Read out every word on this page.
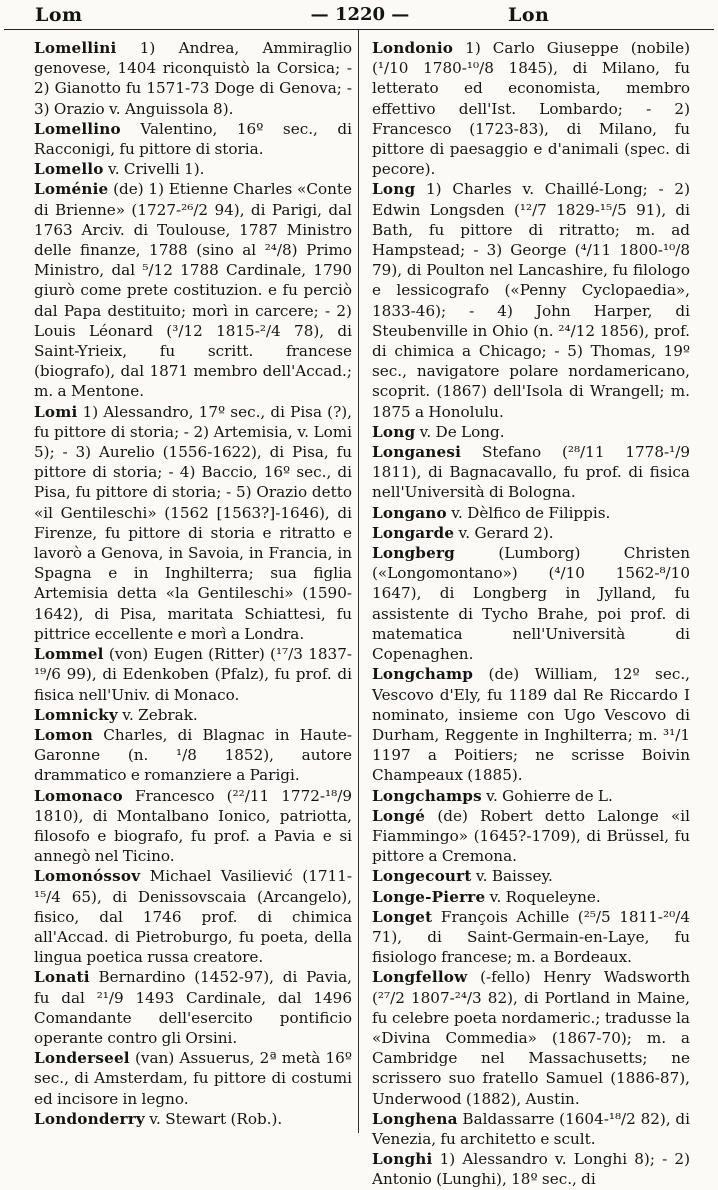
Lom	— 1220 —	Lon

Lomellini 1) Andrea, Ammiraglio genovese, 1404 riconquistò la Corsica; - 2) Gianotto fu 1571-73 Doge di Genova; - 3) Orazio v. Anguissola 8).

Lomellino Valentino, 16º sec., di Racconigi, fu pittore di storia.

Lomello v. Crivelli 1).

Loménie (de) 1) Etienne Charles «Conte di Brienne» (1727-²⁶/2 94), di Parigi, dal 1763 Arciv. di Toulouse, 1787 Ministro delle finanze, 1788 (sino al ²⁴/8) Primo Ministro, dal ⁵/12 1788 Cardinale, 1790 giurò come prete costituzion. e fu perciò dal Papa destituito; morì in carcere; - 2) Louis Léonard (³/12 1815-²/4 78), di Saint-Yrieix, fu scritt. francese (biografo), dal 1871 membro dell'Accad.; m. a Mentone.

Lomi 1) Alessandro, 17º sec., di Pisa (?), fu pittore di storia; - 2) Artemisia, v. Lomi 5); - 3) Aurelio (1556-1622), di Pisa, fu pittore di storia; - 4) Baccio, 16º sec., di Pisa, fu pittore di storia; - 5) Orazio detto «il Gentileschi» (1562 [1563?]-1646), di Firenze, fu pittore di storia e ritratto e lavorò a Genova, in Savoia, in Francia, in Spagna e in Inghilterra; sua figlia Artemisia detta «la Gentileschi» (1590-1642), di Pisa, maritata Schiattesi, fu pittrice eccellente e morì a Londra.

Lommel (von) Eugen (Ritter) (¹⁷/3 1837-¹⁹/6 99), di Edenkoben (Pfalz), fu prof. di fisica nell'Univ. di Monaco.

Lomnicky v. Zebrak.

Lomon Charles, di Blagnac in Haute-Garonne (n. ¹/8 1852), autore drammatico e romanziere a Parigi.

Lomonaco Francesco (²²/11 1772-¹⁸/9 1810), di Montalbano Ionico, patriotta, filosofo e biografo, fu prof. a Pavia e si annegò nel Ticino.

Lomonóssov Michael Vasiliević (1711-¹⁵/4 65), di Denissovscaia (Arcangelo), fisico, dal 1746 prof. di chimica all'Accad. di Pietroburgo, fu poeta, della lingua poetica russa creatore.

Lonati Bernardino (1452-97), di Pavia, fu dal ²¹/9 1493 Cardinale, dal 1496 Comandante dell'esercito pontificio operante contro gli Orsini.

Londerseel (van) Assuerus, 2ª metà 16º sec., di Amsterdam, fu pittore di costumi ed incisore in legno.

Londonderry v. Stewart (Rob.).

Londonio 1) Carlo Giuseppe (nobile) (¹/10 1780-¹⁰/8 1845), di Milano, fu letterato ed economista, membro effettivo dell'Ist. Lombardo; - 2) Francesco (1723-83), di Milano, fu pittore di paesaggio e d'animali (spec. di pecore).

Long 1) Charles v. Chaillé-Long; - 2) Edwin Longsden (¹²/7 1829-¹⁵/5 91), di Bath, fu pittore di ritratto; m. ad Hampstead; - 3) George (⁴/11 1800-¹⁰/8 79), di Poulton nel Lancashire, fu filologo e lessicografo («Penny Cyclopaedia», 1833-46); - 4) John Harper, di Steubenville in Ohio (n. ²⁴/12 1856), prof. di chimica a Chicago; - 5) Thomas, 19º sec., navigatore polare nordamericano, scoprit. (1867) dell'Isola di Wrangell; m. 1875 a Honolulu.

Long v. De Long.

Longanesi Stefano (²⁸/11 1778-¹/9 1811), di Bagnacavallo, fu prof. di fisica nell'Università di Bologna.

Longano v. Dèlfico de Filippis.

Longarde v. Gerard 2).

Longberg (Lumborg) Christen («Longomontano») (⁴/10 1562-⁸/10 1647), di Longberg in Jylland, fu assistente di Tycho Brahe, poi prof. di matematica nell'Università di Copenaghen.

Longchamp (de) William, 12º sec., Vescovo d'Ely, fu 1189 dal Re Riccardo I nominato, insieme con Ugo Vescovo di Durham, Reggente in Inghilterra; m. ³¹/1 1197 a Poitiers; ne scrisse Boivin Champeaux (1885).

Longchamps v. Gohierre de L.

Longé (de) Robert detto Lalonge «il Fiammingo» (1645?-1709), di Brüssel, fu pittore a Cremona.

Longecourt v. Baissey.

Longe-Pierre v. Roqueleyne.

Longet François Achille (²⁵/5 1811-²⁰/4 71), di Saint-Germain-en-Laye, fu fisiologo francese; m. a Bordeaux.

Longfellow (-fello) Henry Wadsworth (²⁷/2 1807-²⁴/3 82), di Portland in Maine, fu celebre poeta nordameric.; tradusse la «Divina Commedia» (1867-70); m. a Cambridge nel Massachusetts; ne scrissero suo fratello Samuel (1886-87), Underwood (1882), Austin.

Longhena Baldassarre (1604-¹⁸/2 82), di Venezia, fu architetto e scult.

Longhi 1) Alessandro v. Longhi 8); - 2) Antonio (Lunghi), 18º sec., di
